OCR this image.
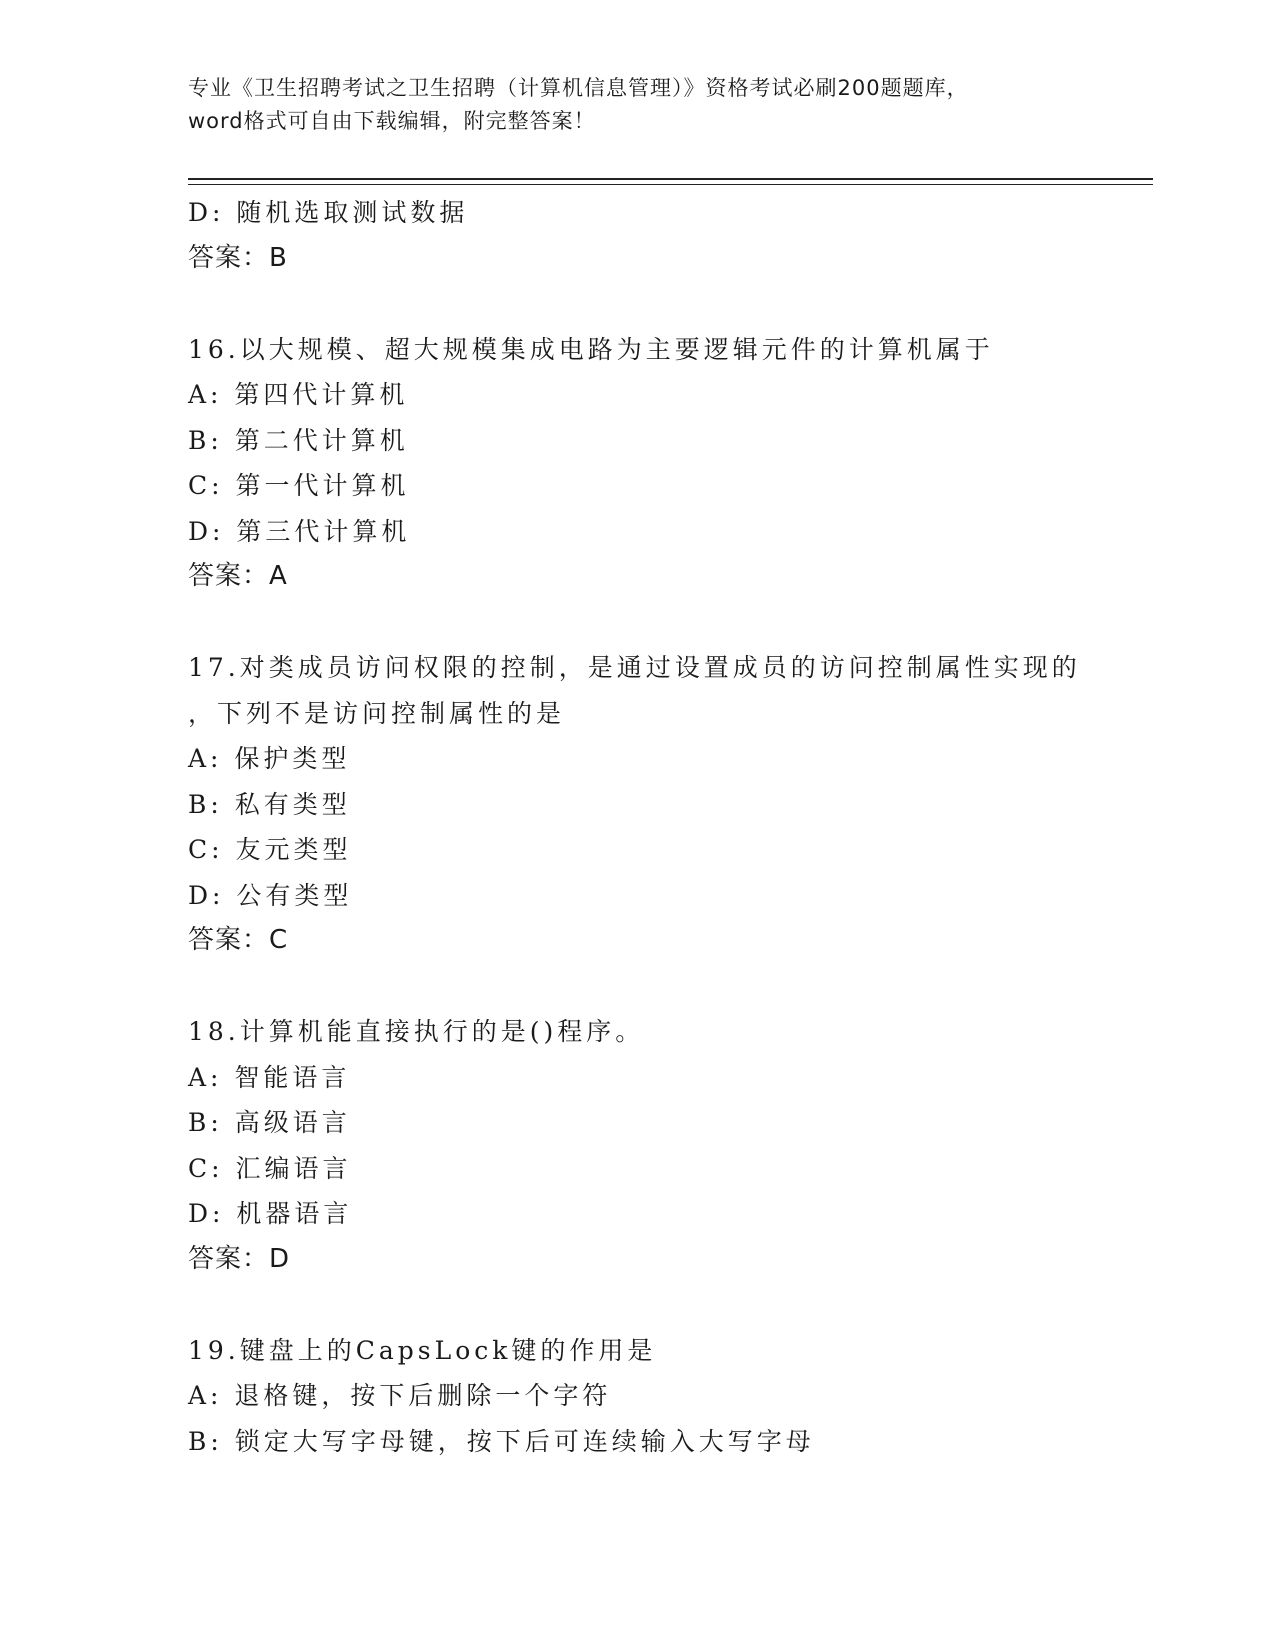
专业《卫生招聘考试之卫生招聘（计算机信息管理）》资格考试必刷200题题库，
word格式可自由下载编辑，附完整答案！
D: 随机选取测试数据
答案：B
16.以大规模、超大规模集成电路为主要逻辑元件的计算机属于
A: 第四代计算机
B: 第二代计算机
C: 第一代计算机
D: 第三代计算机
答案：A
17.对类成员访问权限的控制，是通过设置成员的访问控制属性实现的
，下列不是访问控制属性的是
A: 保护类型
B: 私有类型
C: 友元类型
D: 公有类型
答案：C
18.计算机能直接执行的是()程序。
A: 智能语言
B: 高级语言
C: 汇编语言
D: 机器语言
答案：D
19.键盘上的CapsLock键的作用是
A: 退格键，按下后删除一个字符
B: 锁定大写字母键，按下后可连续输入大写字母
